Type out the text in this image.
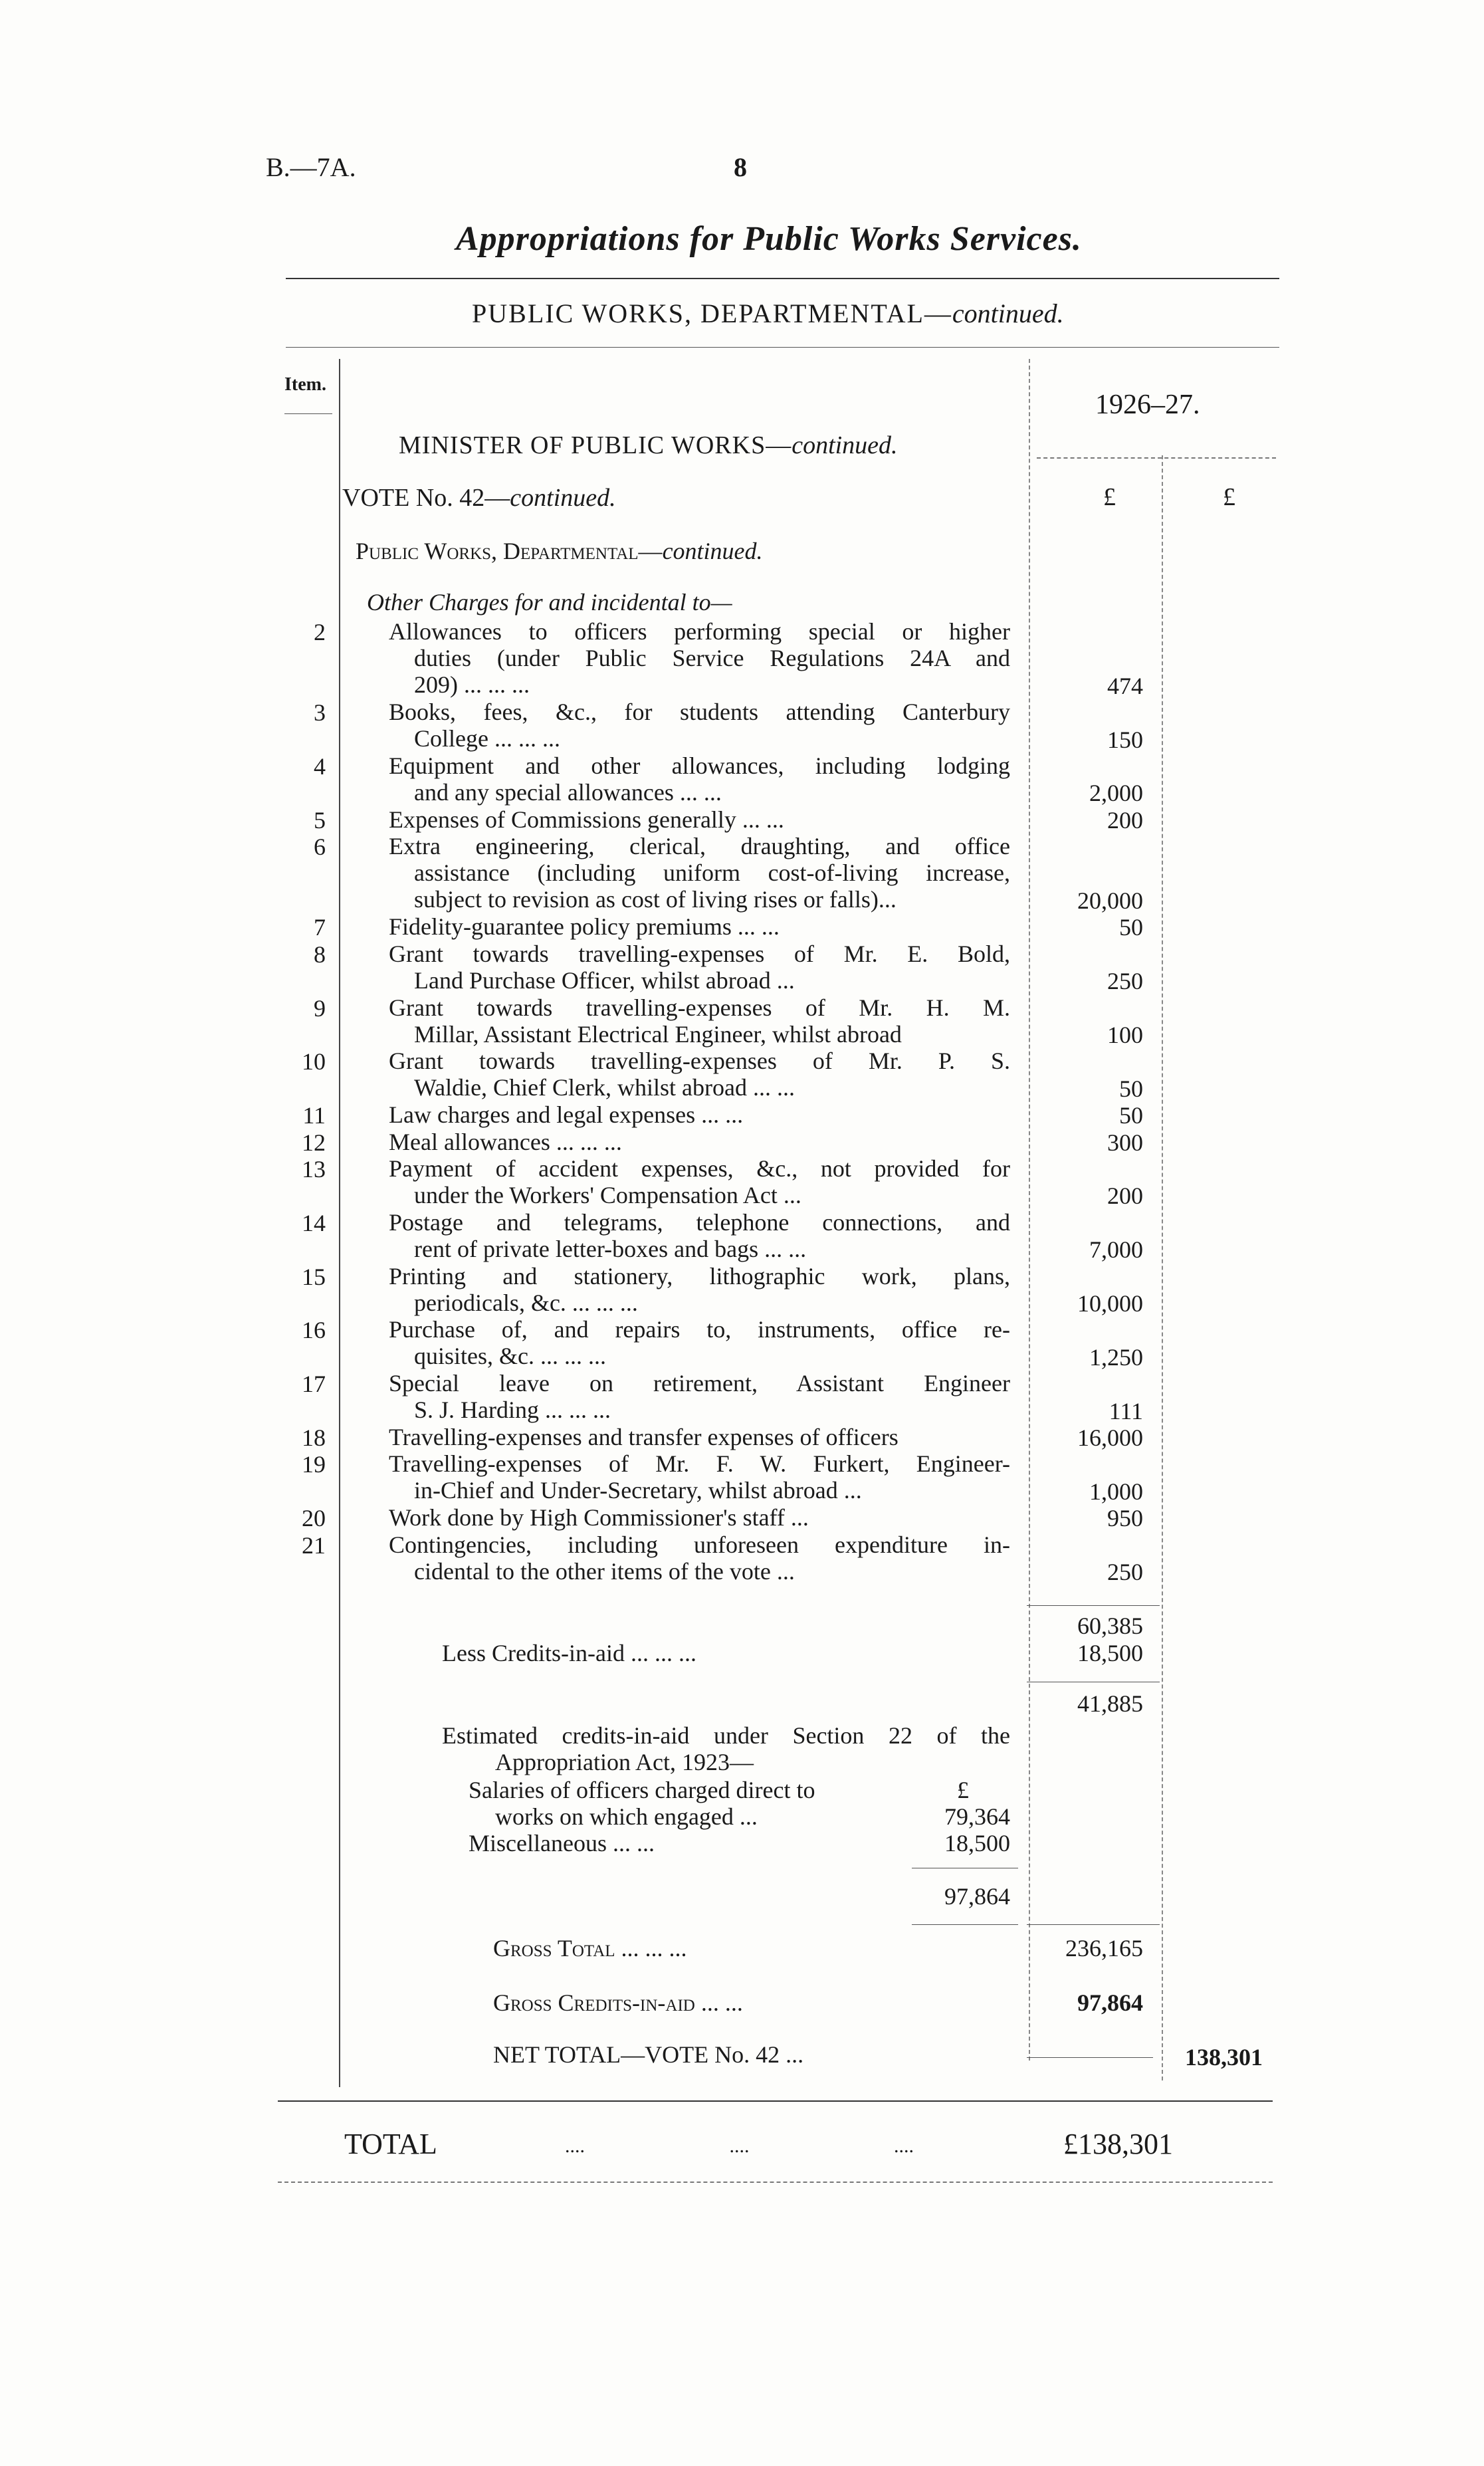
B.—7A.	8
Appropriations for Public Works Services.
PUBLIC WORKS, DEPARTMENTAL—continued.
Item.
1926–27.
£	£
MINISTER OF PUBLIC WORKS—continued.
VOTE No. 42—continued.
Public Works, Departmental—continued.
Other Charges for and incidental to—
2	Allowances to officers performing special or higher
duties (under Public Service Regulations 24A and
209) ... ... ...	474
3	Books, fees, &c., for students attending Canterbury
College ... ... ...	150
4	Equipment and other allowances, including lodging
and any special allowances ... ...	2,000
5	Expenses of Commissions generally ... ...	200
6	Extra engineering, clerical, draughting, and office
assistance (including uniform cost-of-living increase,
subject to revision as cost of living rises or falls)...	20,000
7	Fidelity-guarantee policy premiums ... ...	50
8	Grant towards travelling-expenses of Mr. E. Bold,
Land Purchase Officer, whilst abroad ...	250
9	Grant towards travelling-expenses of Mr. H. M.
Millar, Assistant Electrical Engineer, whilst abroad	100
10	Grant towards travelling-expenses of Mr. P. S.
Waldie, Chief Clerk, whilst abroad ... ...	50
11	Law charges and legal expenses ... ...	50
12	Meal allowances ... ... ...	300
13	Payment of accident expenses, &c., not provided for
under the Workers' Compensation Act ...	200
14	Postage and telegrams, telephone connections, and
rent of private letter-boxes and bags ... ...	7,000
15	Printing and stationery, lithographic work, plans,
periodicals, &c. ... ... ...	10,000
16	Purchase of, and repairs to, instruments, office re-
quisites, &c. ... ... ...	1,250
17	Special leave on retirement, Assistant Engineer
S. J. Harding ... ... ...	111
18	Travelling-expenses and transfer expenses of officers	16,000
19	Travelling-expenses of Mr. F. W. Furkert, Engineer-
in-Chief and Under-Secretary, whilst abroad ...	1,000
20	Work done by High Commissioner's staff ...	950
21	Contingencies, including unforeseen expenditure in-
cidental to the other items of the vote ...	250
60,385
Less Credits-in-aid ... ... ...	18,500
41,885
Estimated credits-in-aid under Section 22 of the
Appropriation Act, 1923—
Salaries of officers charged direct to	£
works on which engaged ...	79,364
Miscellaneous ... ...	18,500
97,864
Gross Total ... ... ...	236,165
Gross Credits-in-aid ... ...	97,864
NET TOTAL—VOTE No. 42 ...	138,301
TOTAL	.... .... ....	£138,301
